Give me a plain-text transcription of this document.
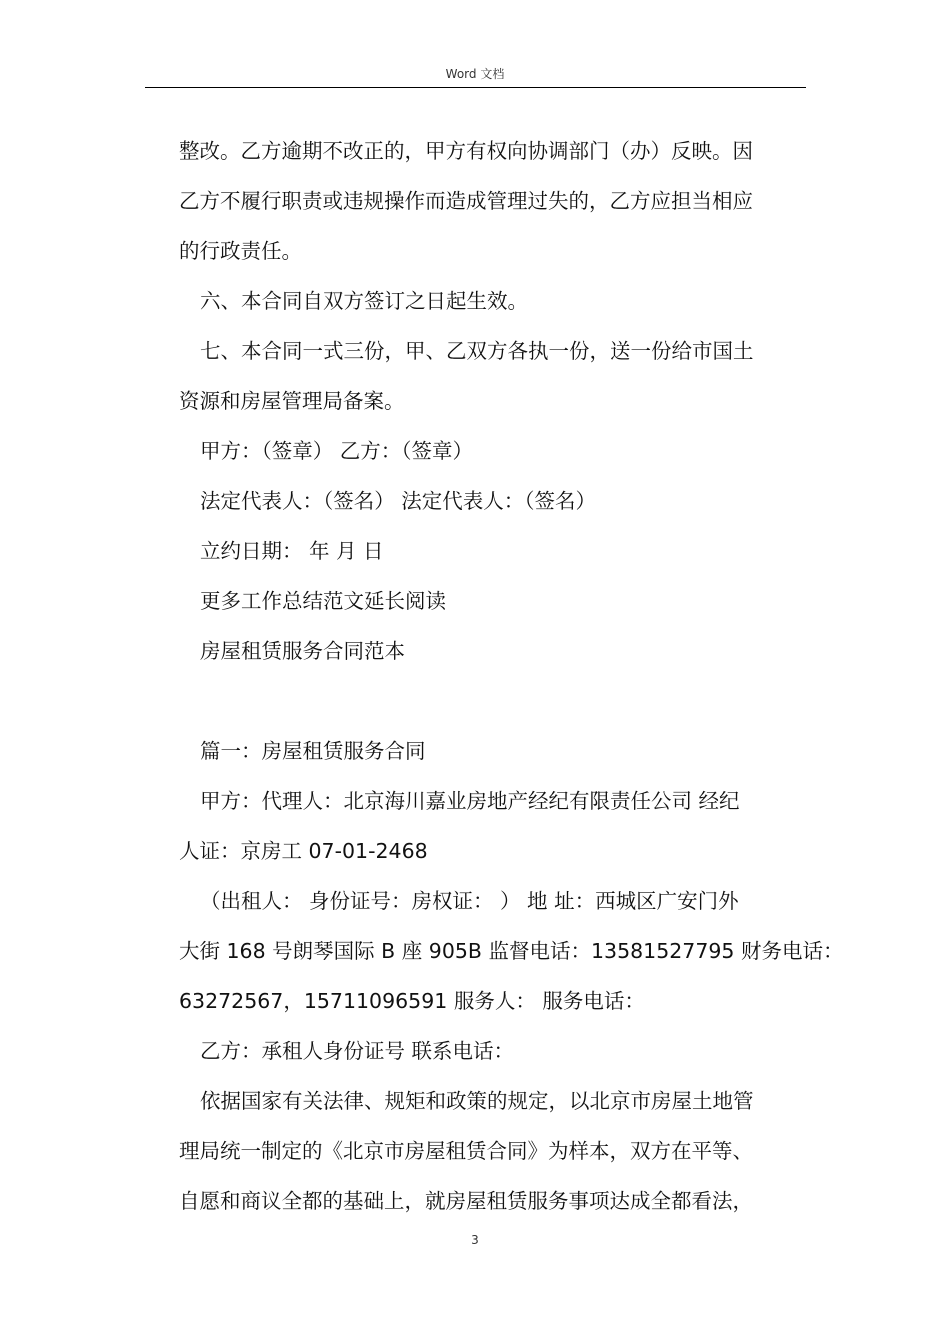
Word 文档
整改。乙方逾期不改正的，甲方有权向协调部门（办）反映。因
乙方不履行职责或违规操作而造成管理过失的，乙方应担当相应
的行政责任。
六、本合同自双方签订之日起生效。
七、本合同一式三份，甲、乙双方各执一份，送一份给市国土
资源和房屋管理局备案。
甲方：（签章） 乙方：（签章）
法定代表人：（签名） 法定代表人：（签名）
立约日期： 年 月 日
更多工作总结范文延长阅读
房屋租赁服务合同范本
篇一：房屋租赁服务合同
甲方：代理人：北京海川嘉业房地产经纪有限责任公司 经纪
人证：京房工 07-01-2468
（出租人： 身份证号：房权证： ） 地 址：西城区广安门外
大街 168 号朗琴国际 B 座 905B 监督电话：13581527795 财务电话：
63272567，15711096591 服务人： 服务电话：
乙方：承租人身份证号 联系电话：
依据国家有关法律、规矩和政策的规定，以北京市房屋土地管
理局统一制定的《北京市房屋租赁合同》为样本，双方在平等、
自愿和商议全都的基础上，就房屋租赁服务事项达成全都看法，
3
